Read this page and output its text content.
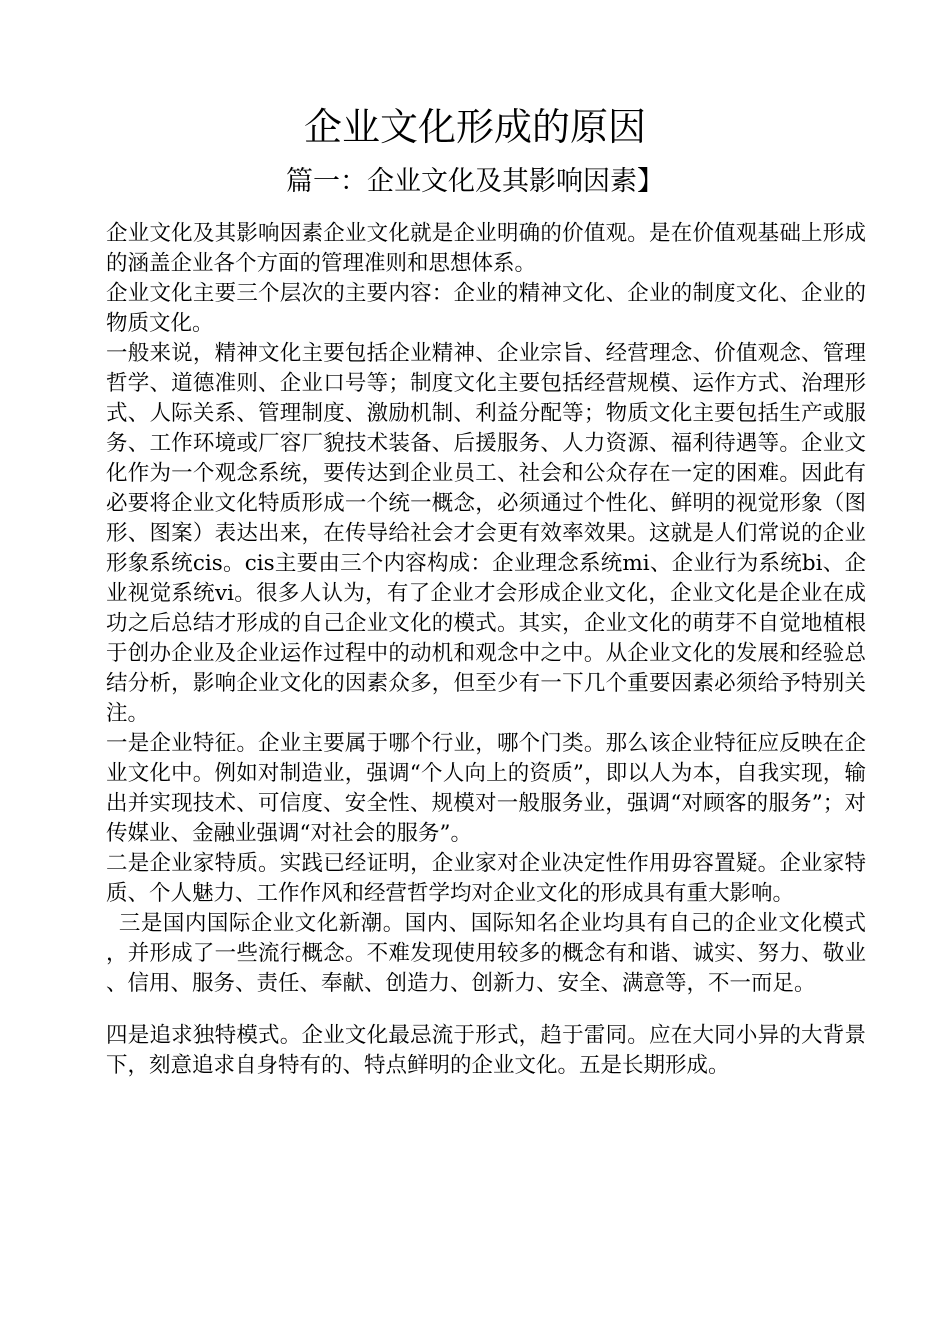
企业文化形成的原因
篇一：企业文化及其影响因素】

企业文化及其影响因素企业文化就是企业明确的价值观。是在价值观基础上形成的涵盖企业各个方面的管理准则和思想体系。

企业文化主要三个层次的主要内容：企业的精神文化、企业的制度文化、企业的物质文化。

一般来说，精神文化主要包括企业精神、企业宗旨、经营理念、价值观念、管理哲学、道德准则、企业口号等；制度文化主要包括经营规模、运作方式、治理形式、人际关系、管理制度、激励机制、利益分配等；物质文化主要包括生产或服务、工作环境或厂容厂貌技术装备、后援服务、人力资源、福利待遇等。企业文化作为一个观念系统，要传达到企业员工、社会和公众存在一定的困难。因此有必要将企业文化特质形成一个统一概念，必须通过个性化、鲜明的视觉形象（图形、图案）表达出来，在传导给社会才会更有效率效果。这就是人们常说的企业形象系统cis。cis主要由三个内容构成：企业理念系统mi、企业行为系统bi、企业视觉系统vi。很多人认为，有了企业才会形成企业文化，企业文化是企业在成功之后总结才形成的自己企业文化的模式。其实，企业文化的萌芽不自觉地植根于创办企业及企业运作过程中的动机和观念中之中。从企业文化的发展和经验总结分析，影响企业文化的因素众多，但至少有一下几个重要因素必须给予特别关注。

一是企业特征。企业主要属于哪个行业，哪个门类。那么该企业特征应反映在企业文化中。例如对制造业，强调“个人向上的资质”，即以人为本，自我实现，输出并实现技术、可信度、安全性、规模对一般服务业，强调“对顾客的服务”；对传媒业、金融业强调“对社会的服务”。

二是企业家特质。实践已经证明，企业家对企业决定性作用毋容置疑。企业家特质、个人魅力、工作作风和经营哲学均对企业文化的形成具有重大影响。

三是国内国际企业文化新潮。国内、国际知名企业均具有自己的企业文化模式，并形成了一些流行概念。不难发现使用较多的概念有和谐、诚实、努力、敬业、信用、服务、责任、奉献、创造力、创新力、安全、满意等，不一而足。

四是追求独特模式。企业文化最忌流于形式，趋于雷同。应在大同小异的大背景下，刻意追求自身特有的、特点鲜明的企业文化。五是长期形成。
